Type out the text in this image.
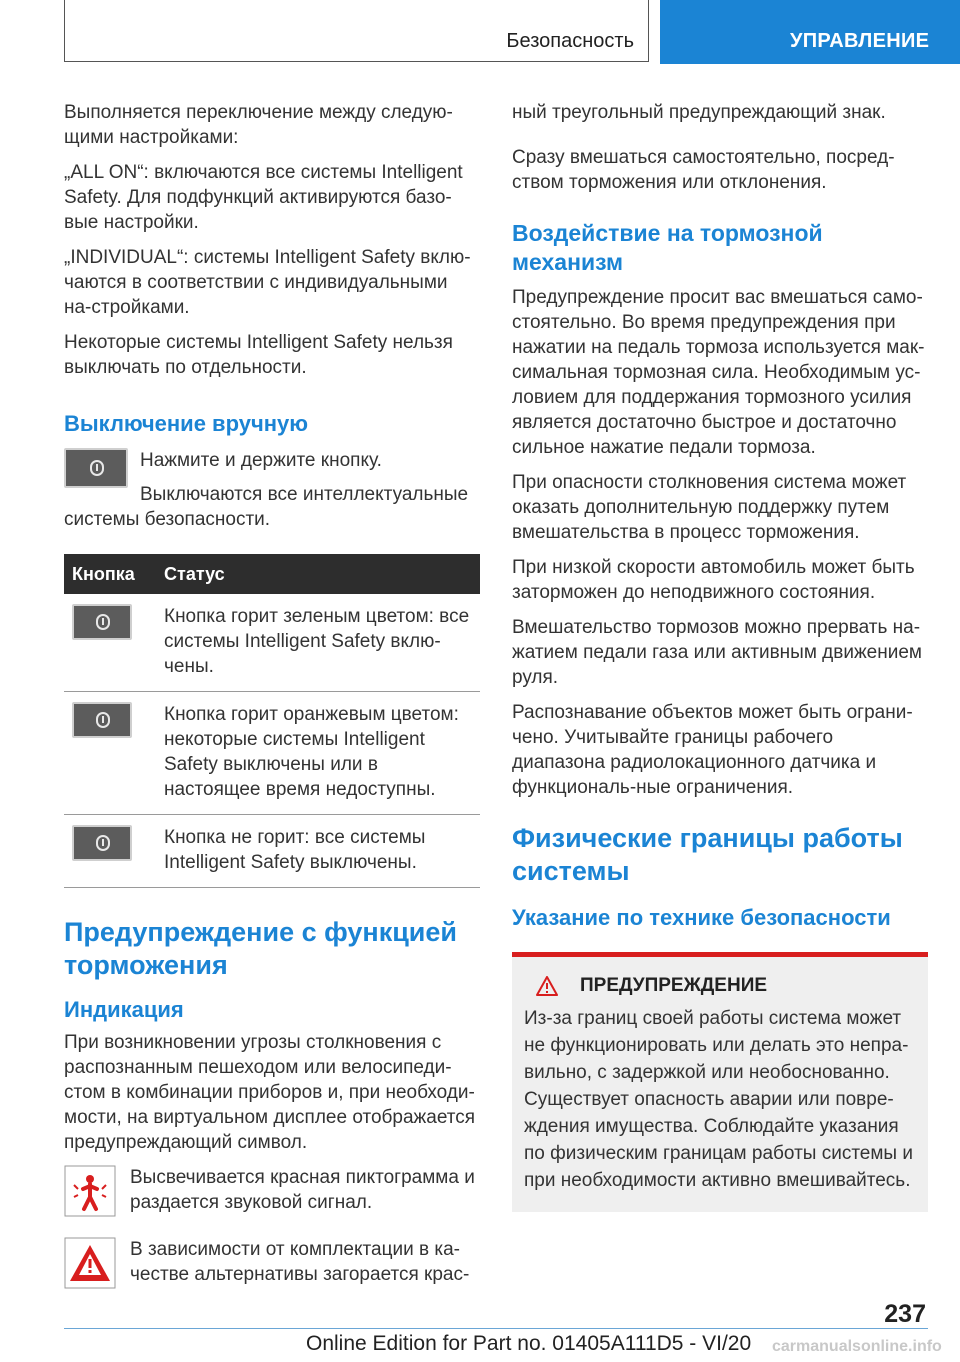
Безопасность	УПРАВЛЕНИЕ

Выполняется переключение между следую-щими настройками:

„ALL ON“: включаются все системы Intelligent Safety. Для подфункций активируются базо-вые настройки.

„INDIVIDUAL“: системы Intelligent Safety вклю-чаются в соответствии с индивидуальными на-стройками.

Некоторые системы Intelligent Safety нельзя выключать по отдельности.

Выключение вручную

Нажмите и держите кнопку.

Выключаются все интеллектуальные системы безопасности.

Кнопка	Статус

	Кнопка горит зеленым цветом: все системы Intelligent Safety вклю-чены.

	Кнопка горит оранжевым цветом: некоторые системы Intelligent Safety выключены или в настоящее время недоступны.

	Кнопка не горит: все системы Intelligent Safety выключены.
Предупреждение с функцией торможения
Индикация

При возникновении угрозы столкновения с распознанным пешеходом или велосипеди-стом в комбинации приборов и, при необходи-мости, на виртуальном дисплее отображается предупреждающий символ.

Высвечивается красная пиктограмма и раздается звуковой сигнал.

В зависимости от комплектации в ка-честве альтернативы загорается крас-

ный треугольный предупреждающий знак.

Сразу вмешаться самостоятельно, посред-ством торможения или отклонения.

Воздействие на тормозной механизм

Предупреждение просит вас вмешаться само-стоятельно. Во время предупреждения при нажатии на педаль тормоза используется мак-симальная тормозная сила. Необходимым ус-ловием для поддержания тормозного усилия является достаточно быстрое и достаточно сильное нажатие педали тормоза.

При опасности столкновения система может оказать дополнительную поддержку путем вмешательства в процесс торможения.

При низкой скорости автомобиль может быть заторможен до неподвижного состояния.

Вмешательство тормозов можно прервать на-жатием педали газа или активным движением руля.

Распознавание объектов может быть ограни-чено. Учитывайте границы рабочего диапазона радиолокационного датчика и функциональ-ные ограничения.

Физические границы работы системы
Указание по технике безопасности
ПРЕДУПРЕЖДЕНИЕ

Из-за границ своей работы система может не функционировать или делать это непра-вильно, с задержкой или необоснованно. Существует опасность аварии или повре-ждения имущества. Соблюдайте указания по физическим границам работы системы и при необходимости активно вмешивайтесь.

237
Online Edition for Part no. 01405A111D5 - VI/20 carmanualsonline.info
